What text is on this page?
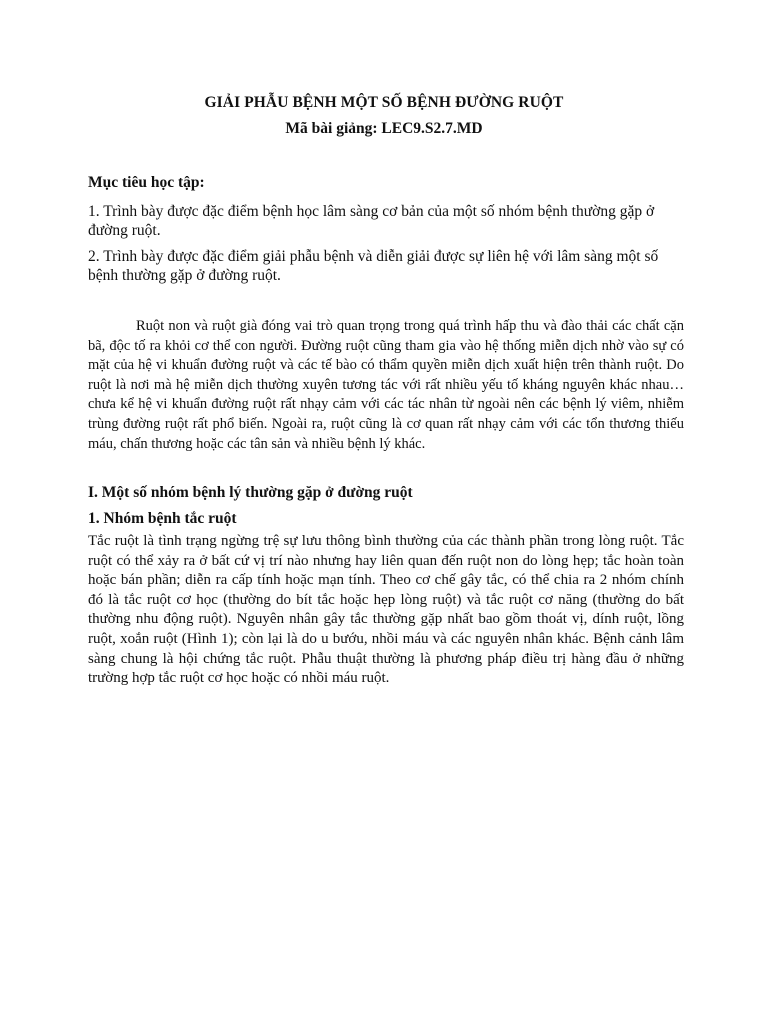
GIẢI PHẪU BỆNH MỘT SỐ BỆNH ĐƯỜNG RUỘT
Mã bài giảng: LEC9.S2.7.MD
Mục tiêu học tập:

1. Trình bày được đặc điểm bệnh học lâm sàng cơ bản của một số nhóm bệnh thường gặp ở đường ruột.

2. Trình bày được đặc điểm giải phẫu bệnh và diễn giải được sự liên hệ với lâm sàng một số bệnh thường gặp ở đường ruột.

Ruột non và ruột già đóng vai trò quan trọng trong quá trình hấp thu và đào thải các chất cặn bã, độc tố ra khỏi cơ thể con người. Đường ruột cũng tham gia vào hệ thống miễn dịch nhờ vào sự có mặt của hệ vi khuẩn đường ruột và các tế bào có thẩm quyền miễn dịch xuất hiện trên thành ruột. Do ruột là nơi mà hệ miễn dịch thường xuyên tương tác với rất nhiều yếu tố kháng nguyên khác nhau…chưa kể hệ vi khuẩn đường ruột rất nhạy cảm với các tác nhân từ ngoài nên các bệnh lý viêm, nhiễm trùng đường ruột rất phổ biến. Ngoài ra, ruột cũng là cơ quan rất nhạy cảm với các tổn thương thiếu máu, chấn thương hoặc các tân sản và nhiều bệnh lý khác.

I. Một số nhóm bệnh lý thường gặp ở đường ruột
1. Nhóm bệnh tắc ruột

Tắc ruột là tình trạng ngừng trệ sự lưu thông bình thường của các thành phần trong lòng ruột. Tắc ruột có thể xảy ra ở bất cứ vị trí nào nhưng hay liên quan đến ruột non do lòng hẹp; tắc hoàn toàn hoặc bán phần; diễn ra cấp tính hoặc mạn tính. Theo cơ chế gây tắc, có thể chia ra 2 nhóm chính đó là tắc ruột cơ học (thường do bít tắc hoặc hẹp lòng ruột) và tắc ruột cơ năng (thường do bất thường nhu động ruột). Nguyên nhân gây tắc thường gặp nhất bao gồm thoát vị, dính ruột, lồng ruột, xoắn ruột (Hình 1); còn lại là do u bướu, nhồi máu và các nguyên nhân khác. Bệnh cảnh lâm sàng chung là hội chứng tắc ruột. Phẫu thuật thường là phương pháp điều trị hàng đầu ở những trường hợp tắc ruột cơ học hoặc có nhồi máu ruột.
